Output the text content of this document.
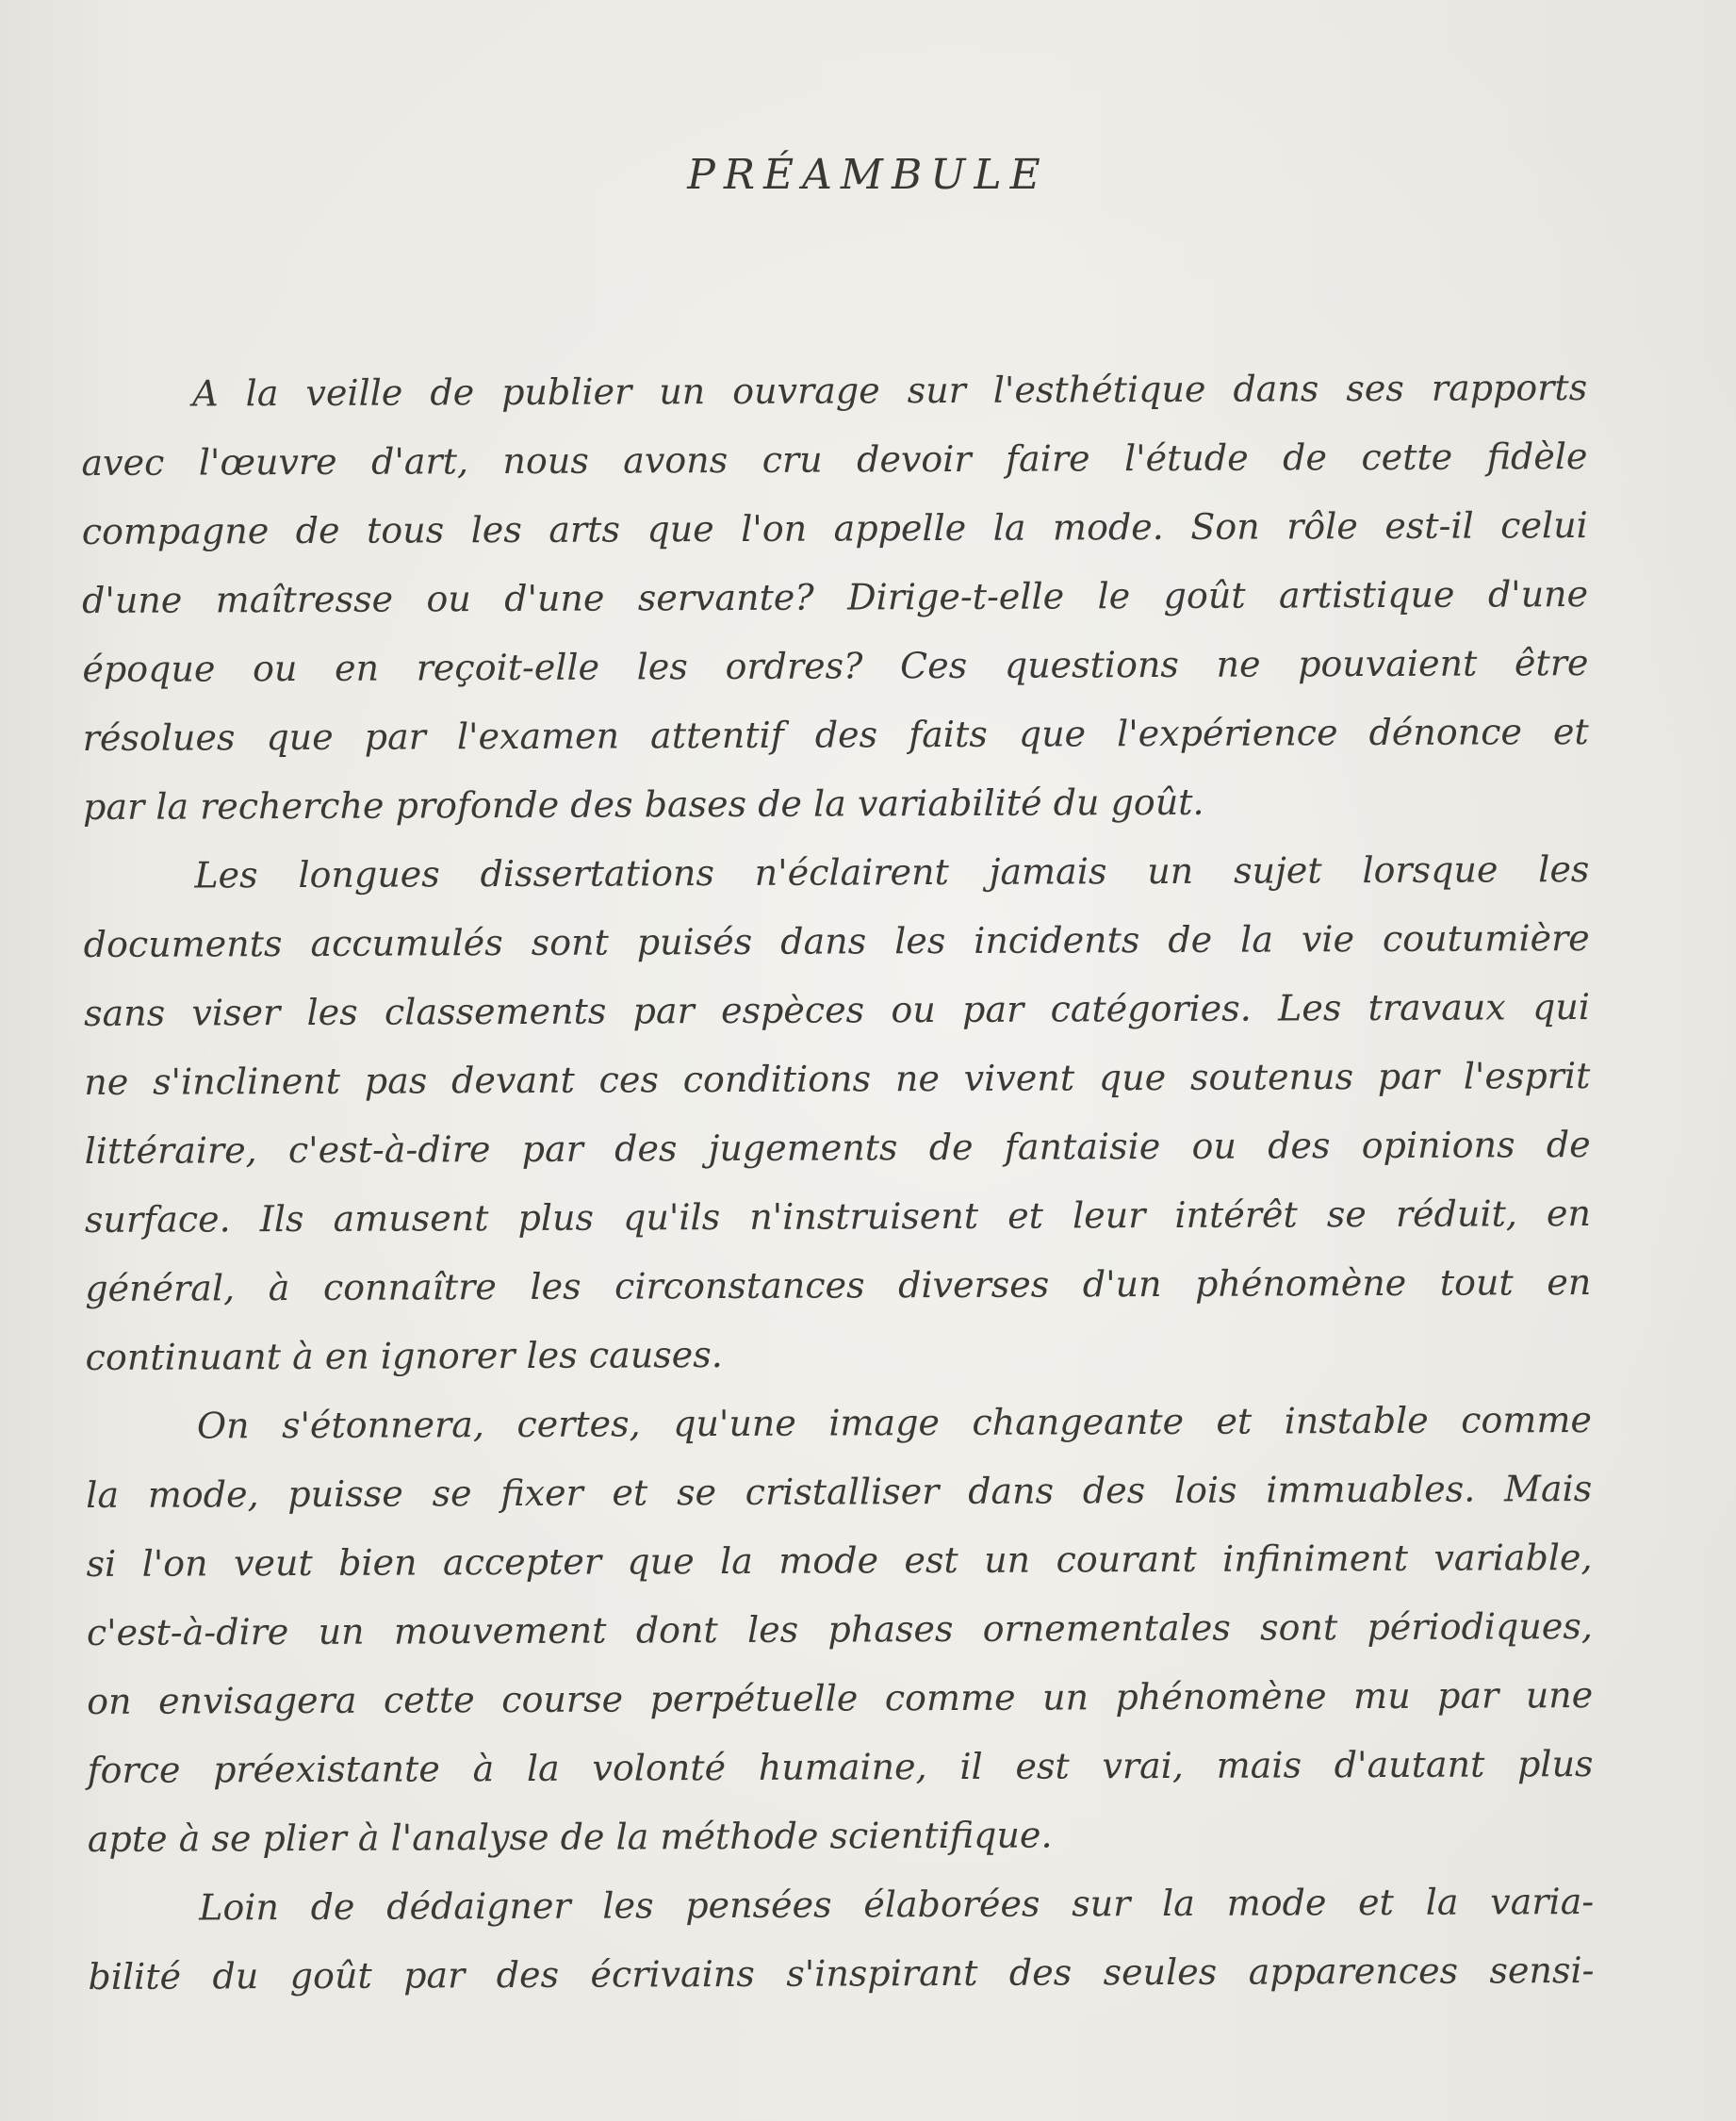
PRÉAMBULE
A la veille de publier un ouvrage sur l'esthétique dans ses rapports
avec l'œuvre d'art, nous avons cru devoir faire l'étude de cette fidèle
compagne de tous les arts que l'on appelle la mode. Son rôle est-il celui
d'une maîtresse ou d'une servante? Dirige-t-elle le goût artistique d'une
époque ou en reçoit-elle les ordres? Ces questions ne pouvaient être
résolues que par l'examen attentif des faits que l'expérience dénonce et
par la recherche profonde des bases de la variabilité du goût.
Les longues dissertations n'éclairent jamais un sujet lorsque les
documents accumulés sont puisés dans les incidents de la vie coutumière
sans viser les classements par espèces ou par catégories. Les travaux qui
ne s'inclinent pas devant ces conditions ne vivent que soutenus par l'esprit
littéraire, c'est-à-dire par des jugements de fantaisie ou des opinions de
surface. Ils amusent plus qu'ils n'instruisent et leur intérêt se réduit, en
général, à connaître les circonstances diverses d'un phénomène tout en
continuant à en ignorer les causes.
On s'étonnera, certes, qu'une image changeante et instable comme
la mode, puisse se fixer et se cristalliser dans des lois immuables. Mais
si l'on veut bien accepter que la mode est un courant infiniment variable,
c'est-à-dire un mouvement dont les phases ornementales sont périodiques,
on envisagera cette course perpétuelle comme un phénomène mu par une
force préexistante à la volonté humaine, il est vrai, mais d'autant plus
apte à se plier à l'analyse de la méthode scientifique.
Loin de dédaigner les pensées élaborées sur la mode et la varia-
bilité du goût par des écrivains s'inspirant des seules apparences sensi-
